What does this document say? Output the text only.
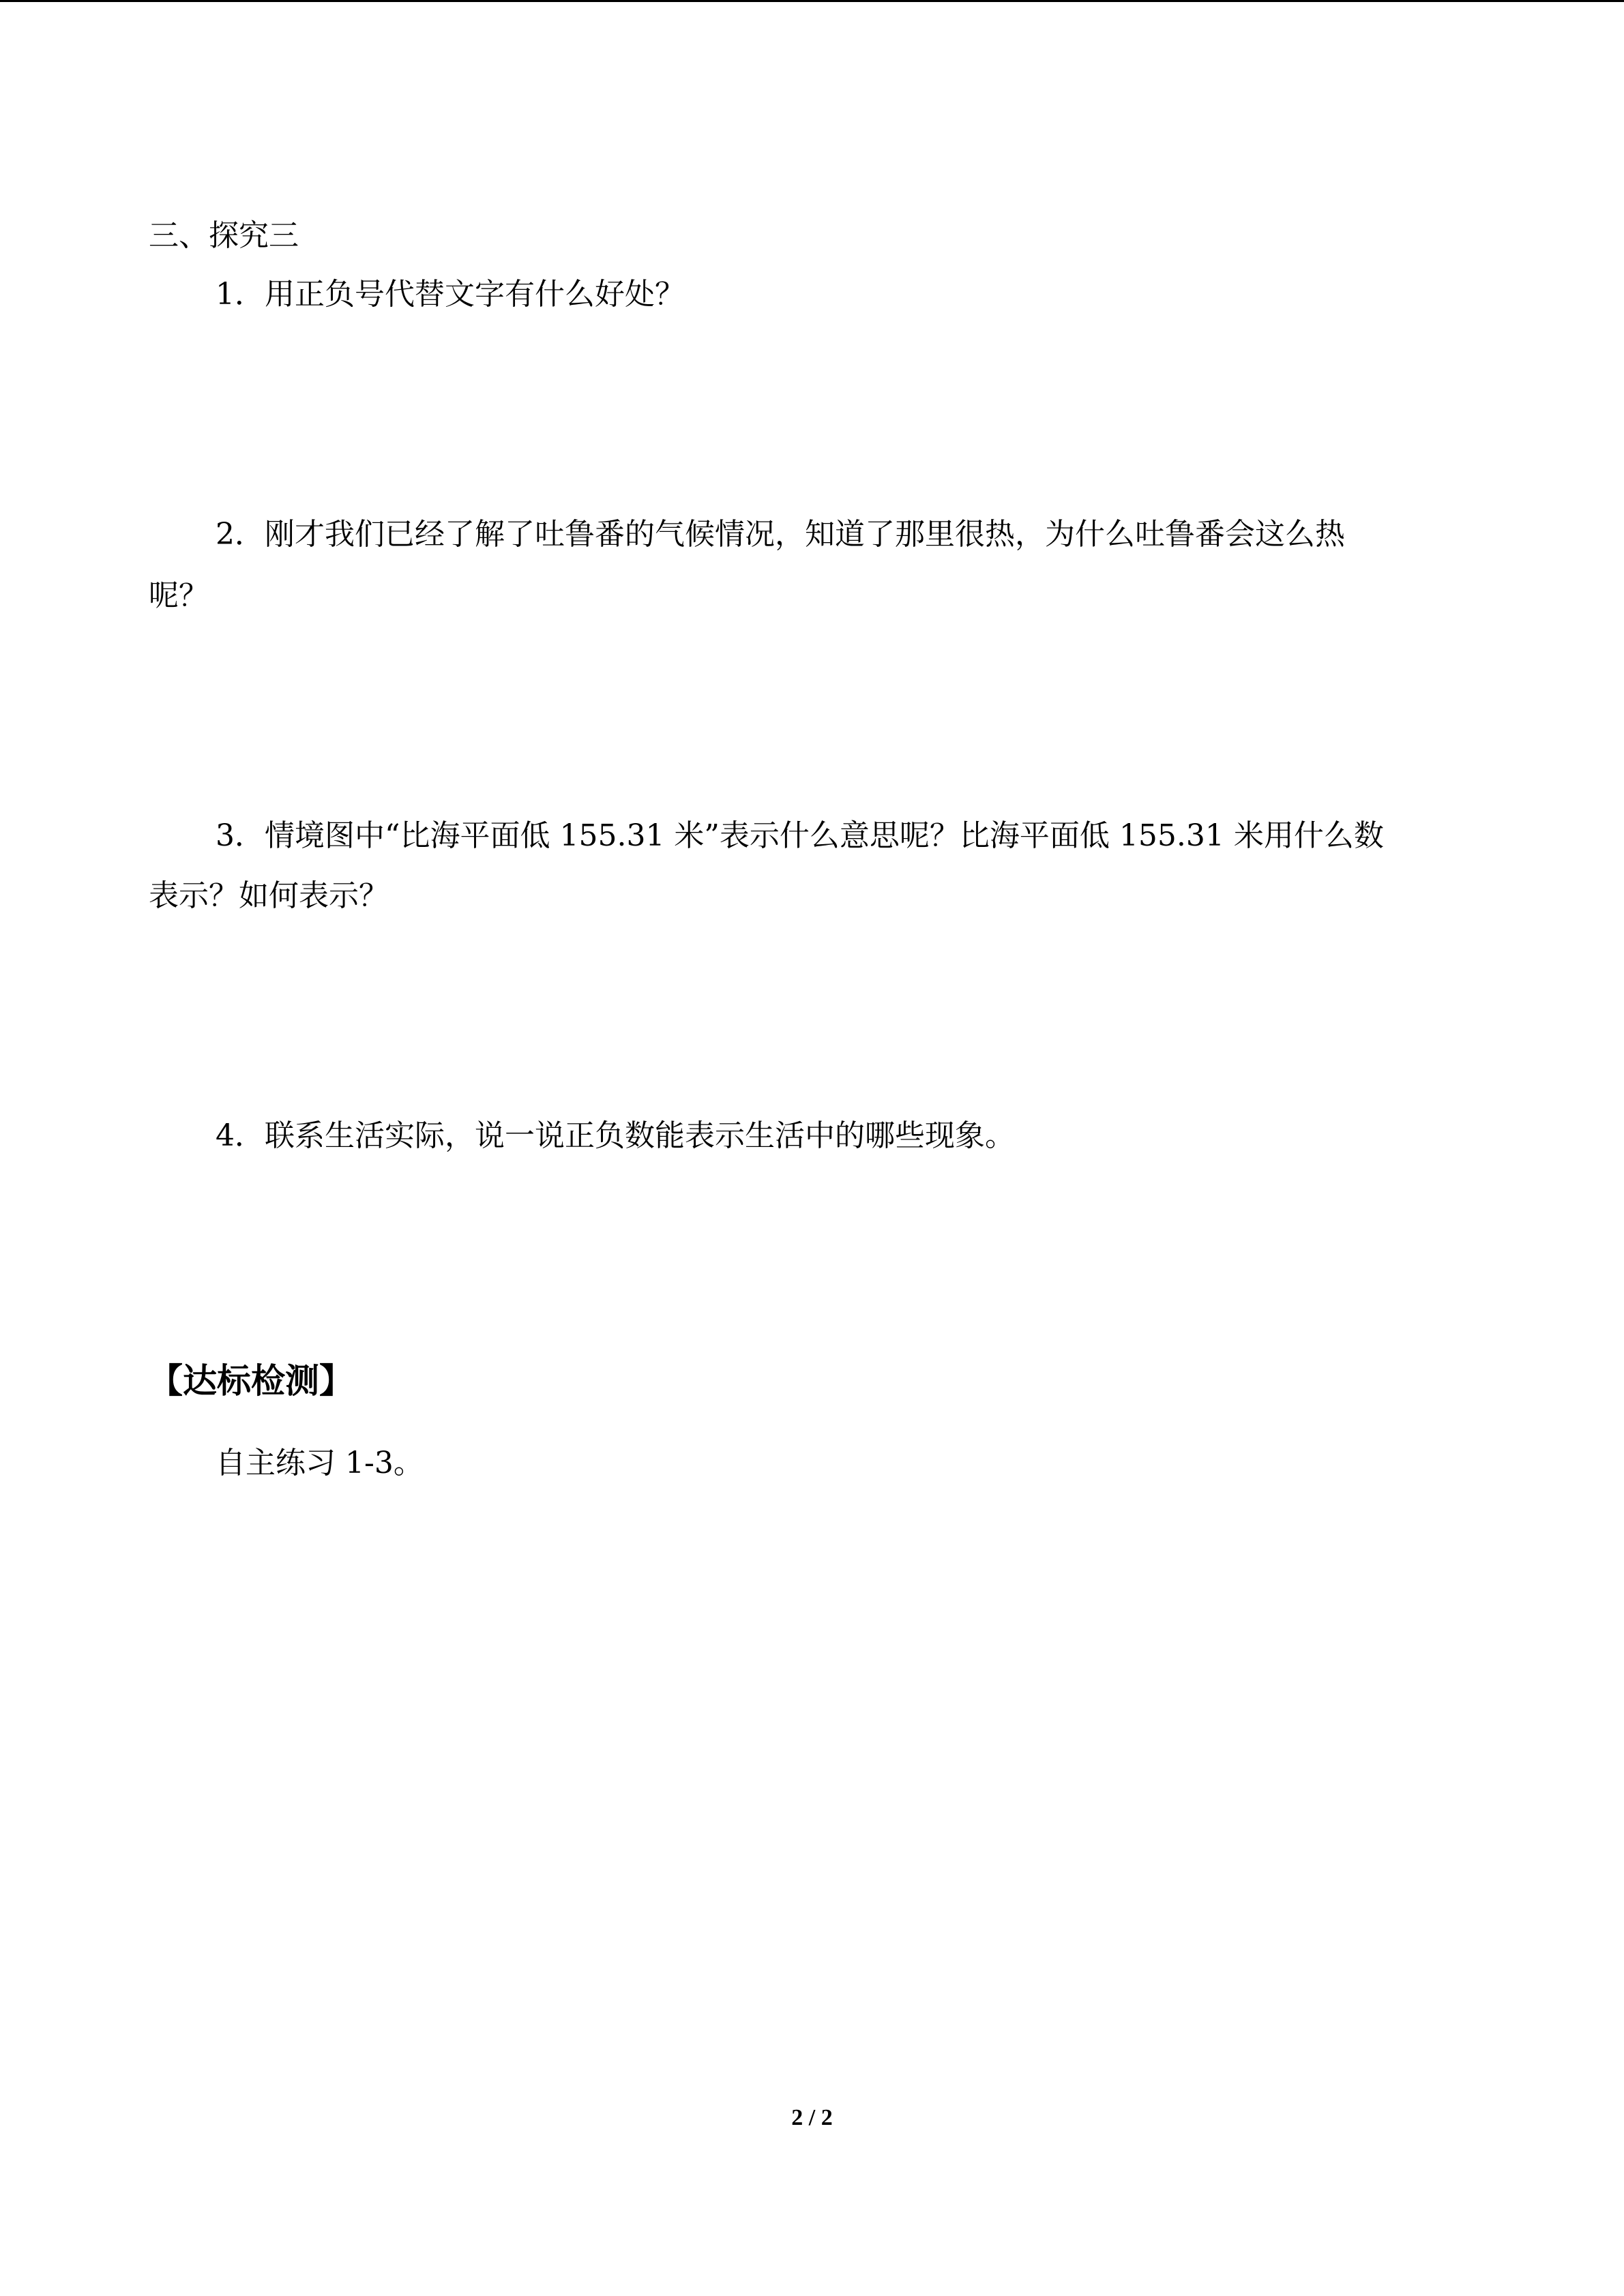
三、探究三
1．用正负号代替文字有什么好处？
2．刚才我们已经了解了吐鲁番的气候情况，知道了那里很热，为什么吐鲁番会这么热
呢？
3．情境图中“比海平面低 155.31 米”表示什么意思呢？比海平面低 155.31 米用什么数
表示？如何表示？
4．联系生活实际，说一说正负数能表示生活中的哪些现象。
【达标检测】
自主练习 1-3。
2 / 2
